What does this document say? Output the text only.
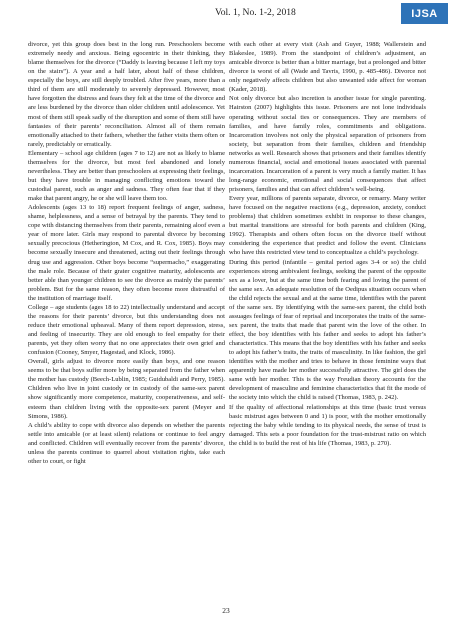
Vol. 1, No. 1-2, 2018	IJSA

divorce, yet this group does best in the long run. Preschoolers become extremely needy and anxious. Being egocentric in their thinking, they blame themselves for the divorce (“Daddy is leaving because I left my toys on the stairs”). A year and a half later, about half of these children, especially the boys, are still deeply troubled. After five years, more than a third of them are still moderately to severely depressed. However, most have forgotten the distress and fears they felt at the time of the divorce and are less burdened by the divorce than older children until adolescence. Yet most of them still speak sadly of the disruption and some of them still have fantasies of their parents’ reconciliation. Almost all of them remain emotionally attached to their fathers, whether the father visits them often or rarely, predictably or erratically.

Elementary – school age children (ages 7 to 12) are not as likely to blame themselves for the divorce, but most feel abandoned and lonely nevertheless. They are better than preschoolers at expressing their feelings, but they have trouble in managing conflicting emotions toward the custodial parent, such as anger and sadness. They often fear that if they make that parent angry, he or she will leave them too.

Adolescents (ages 13 to 18) report frequent feelings of anger, sadness, shame, helplessness, and a sense of betrayal by the parents. They tend to cope with distancing themselves from their parents, remaining aloof even a year of more later. Girls may respond to parental divorce by becoming sexually precocious (Hetherington, M Cox, and R. Cox, 1985). Boys may become sexually insecure and threatened, acting out their feelings through drug use and aggression. Other boys become “supermacho,” exaggerating the male role. Because of their grater cognitive maturity, adolescents are better able than younger children to see the divorce as mainly the parents’ problem. But for the same reason, they often become more distrustful of the institution of marriage itself.

College – age students (ages 18 to 22) intellectually understand and accept the reasons for their parents’ divorce, but this understanding does not reduce their emotional upheaval. Many of them report depression, stress, and feeling of insecurity. They are old enough to feel empathy for their parents, yet they often worry that no one appreciates their own grief and confusion (Cooney, Smyer, Hagestad, and Klock, 1986).

Overall, girls adjust to divorce more easily than boys, and one reason seems to be that boys suffer more by being separated from the father when the mother has custody (Beech-Lublin, 1985; Guidubaldi and Perry, 1985). Children who live in joint custody or in custody of the same-sex parent show significantly more competence, maturity, cooperativeness, and self-esteem than children living with the opposite-sex parent (Meyer and Simons, 1986).

A child’s ability to cope with divorce also depends on whether the parents settle into amicable (or at least silent) relations or continue to feel angry and conflicted. Children will eventually recover from the parents’ divorce, unless the parents continue to quarrel about visitation rights, take each other to court, or fight

with each other at every visit (Ash and Guyer, 1988; Wallerstein and Blakeslee, 1989). From the standpoint of children’s adjustment, an amicable divorce is better than a bitter marriage, but a prolonged and bitter divorce is worst of all (Wade and Tavris, 1990, p. 485-486). Divorce not only negatively affects children but also unwanted side affect for woman (Kader, 2018).

Not only divorce but also incretion is another issue for single parenting. Hairston (2007) highlights this issue. Prisoners are not lone individuals operating without social ties or consequences. They are members of families, and have family roles, commitments and obligations. Incarceration involves not only the physical separation of prisoners from society, but separation from their families, children and friendship networks as well. Research shows that prisoners and their families identify numerous financial, social and emotional issues associated with parental incarceration. Incarceration of a parent is very much a family matter. It has long-range economic, emotional and social consequences that affect prisoners, families and that can affect children’s well-being.

Every year, millions of parents separate, divorce, or remarry. Many writer have focused on the negative reactions (e.g., depression, anxiety, conduct problems) that children sometimes exhibit in response to these changes, but marital transitions are stressful for both parents and children (King, 1992). Therapists and others often focus on the divorce itself without considering the experience that predict and follow the event. Clinicians who have this restricted view tend to conceptualize a child’s psychology.

During this period (infantile – genital period ages 3-4 or so) the child experiences strong ambivalent feelings, seeking the parent of the opposite sex as a lover, but at the same time both fearing and loving the parent of the same sex. An adequate resolution of the Oedipus situation occurs when the child rejects the sexual and at the same time, identifies with the parent of the same sex. By identifying with the same-sex parent, the child both assuages feelings of fear of reprisal and incorporates the traits of the same-sex parent, the traits that made that parent win the love of the other. In effect, the boy identifies with his father and seeks to adopt his father’s characteristics. This means that the boy identifies with his father and seeks to adopt his father’s traits, the traits of masculinity. In like fashion, the girl identifies with the mother and tries to behave in those feminine ways that apparently have made her mother successfully attractive. The girl does the same with her mother. This is the way Freudian theory accounts for the development of masculine and feminine characteristics that fit the mode of the society into which the child is raised (Thomas, 1983, p. 242).

If the quality of affectional relationships at this time (basic trust versus basic mistrust ages between 0 and 1) is poor, with the mother emotionally rejecting the baby while tending to its physical needs, the sense of trust is damaged. This sets a poor foundation for the trust-mistrust ratio on which the child is to build the rest of his life (Thomas, 1983, p. 270).

23
